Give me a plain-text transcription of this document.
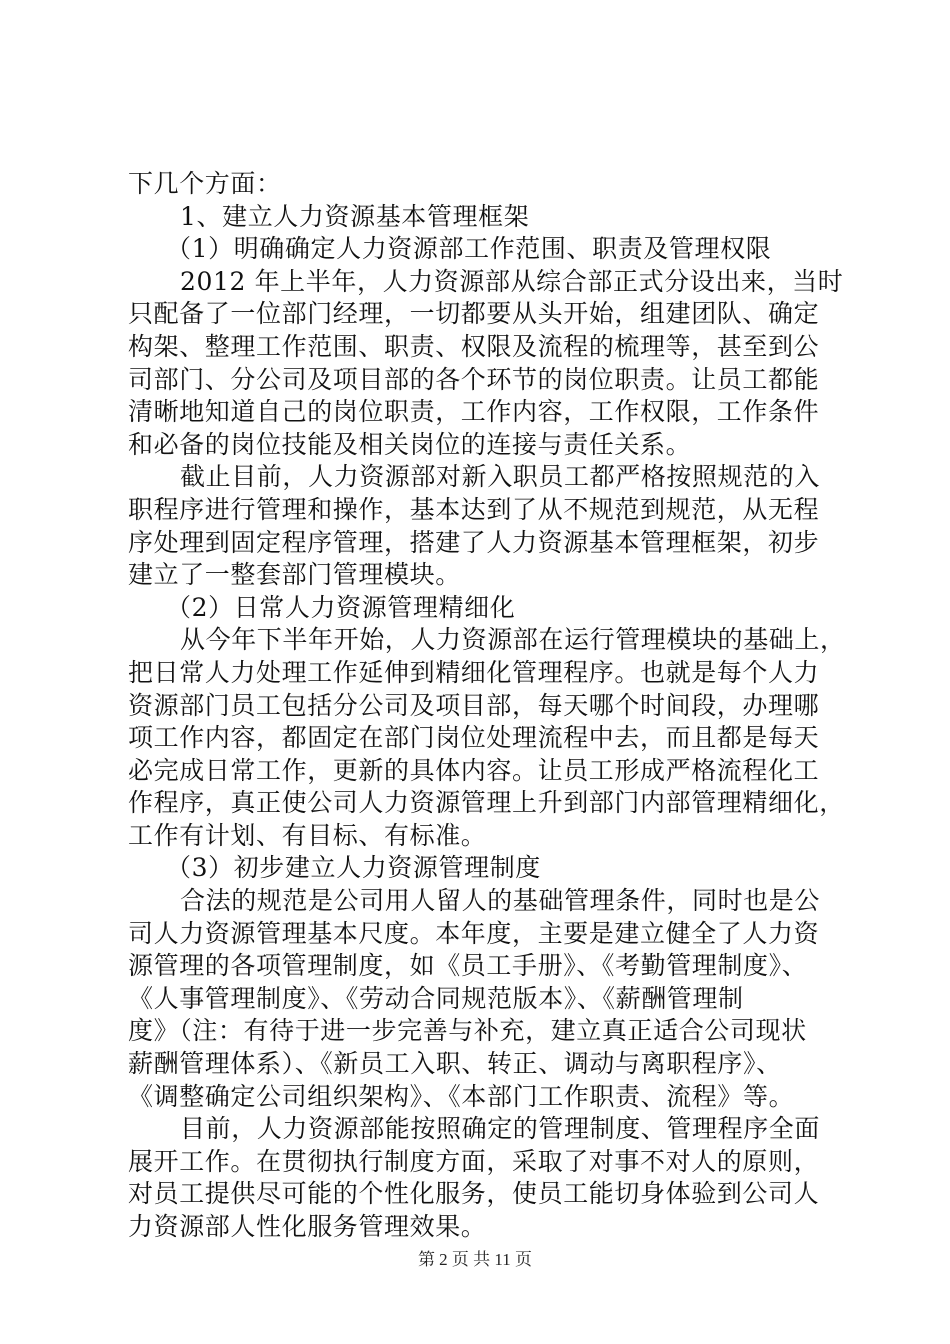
下几个方面：
1、建立人力资源基本管理框架
（1）明确确定人力资源部工作范围、职责及管理权限
2012 年上半年，人力资源部从综合部正式分设出来，当时
只配备了一位部门经理，一切都要从头开始，组建团队、确定
构架、整理工作范围、职责、权限及流程的梳理等，甚至到公
司部门、分公司及项目部的各个环节的岗位职责。让员工都能
清晰地知道自己的岗位职责，工作内容，工作权限，工作条件
和必备的岗位技能及相关岗位的连接与责任关系。
截止目前，人力资源部对新入职员工都严格按照规范的入
职程序进行管理和操作，基本达到了从不规范到规范，从无程
序处理到固定程序管理，搭建了人力资源基本管理框架，初步
建立了一整套部门管理模块。
（2）日常人力资源管理精细化
从今年下半年开始，人力资源部在运行管理模块的基础上，
把日常人力处理工作延伸到精细化管理程序。也就是每个人力
资源部门员工包括分公司及项目部，每天哪个时间段，办理哪
项工作内容，都固定在部门岗位处理流程中去，而且都是每天
必完成日常工作，更新的具体内容。让员工形成严格流程化工
作程序，真正使公司人力资源管理上升到部门内部管理精细化，
工作有计划、有目标、有标准。
（3）初步建立人力资源管理制度
合法的规范是公司用人留人的基础管理条件，同时也是公
司人力资源管理基本尺度。本年度，主要是建立健全了人力资
源管理的各项管理制度，如《员工手册》、《考勤管理制度》、
《人事管理制度》、《劳动合同规范版本》、《薪酬管理制
度》（注：有待于进一步完善与补充，建立真正适合公司现状
薪酬管理体系）、《新员工入职、转正、调动与离职程序》、
《调整确定公司组织架构》、《本部门工作职责、流程》等。
目前，人力资源部能按照确定的管理制度、管理程序全面
展开工作。在贯彻执行制度方面，采取了对事不对人的原则，
对员工提供尽可能的个性化服务，使员工能切身体验到公司人
力资源部人性化服务管理效果。
第 2 页 共 11 页
